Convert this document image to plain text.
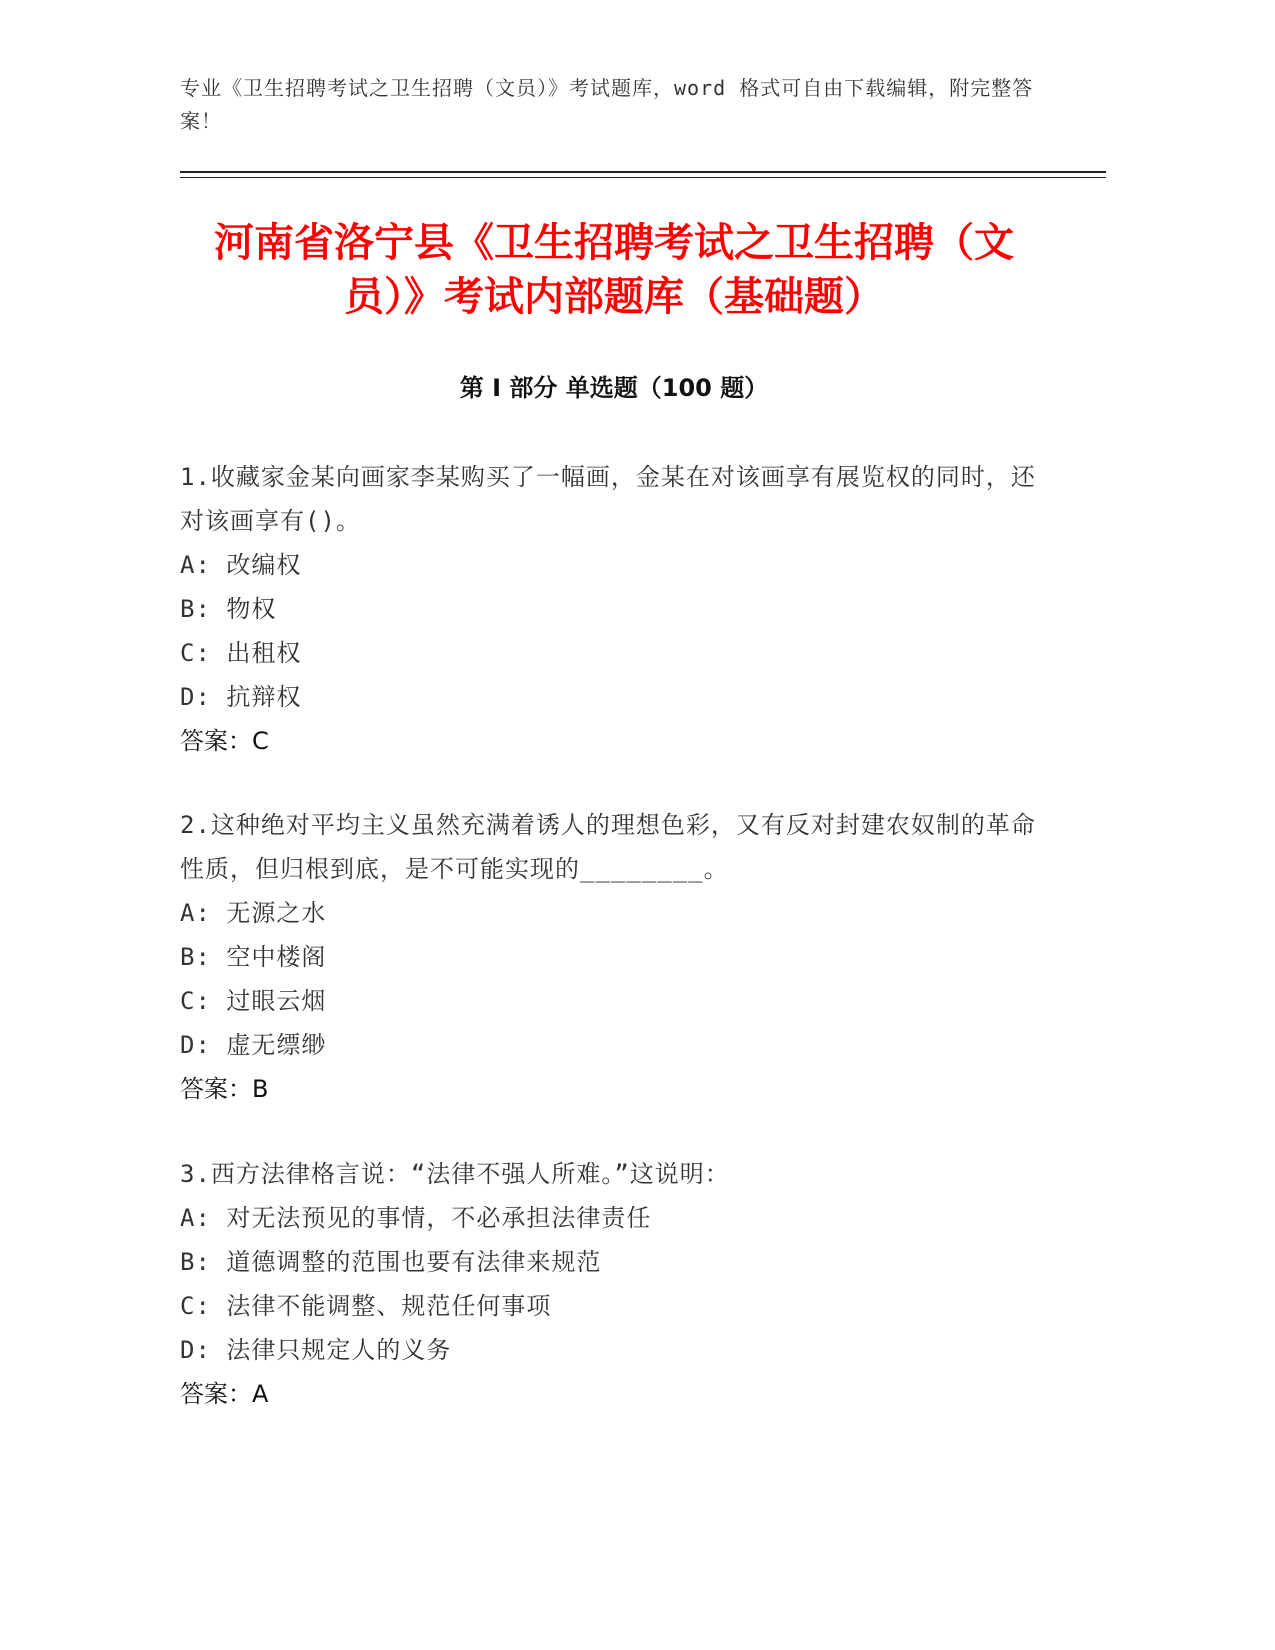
专业《卫生招聘考试之卫生招聘（文员）》考试题库，word 格式可自由下载编辑，附完整答案！
河南省洛宁县《卫生招聘考试之卫生招聘（文员）》考试内部题库（基础题）
第 I 部分 单选题（100 题）
1.收藏家金某向画家李某购买了一幅画，金某在对该画享有展览权的同时，还对该画享有()。
A: 改编权
B: 物权
C: 出租权
D: 抗辩权
答案：C
2.这种绝对平均主义虽然充满着诱人的理想色彩，又有反对封建农奴制的革命性质，但归根到底，是不可能实现的________。
A: 无源之水
B: 空中楼阁
C: 过眼云烟
D: 虚无缥缈
答案：B
3.西方法律格言说：“法律不强人所难。”这说明：
A: 对无法预见的事情，不必承担法律责任
B: 道德调整的范围也要有法律来规范
C: 法律不能调整、规范任何事项
D: 法律只规定人的义务
答案：A
